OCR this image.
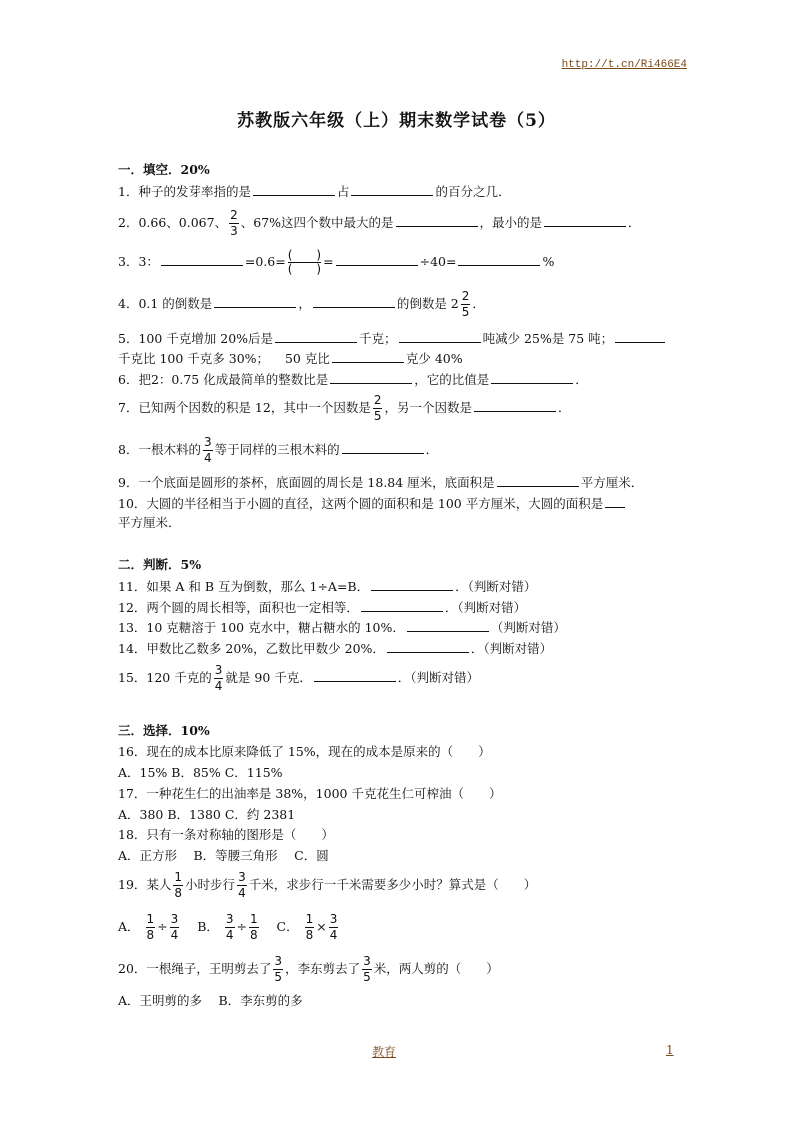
http://t.cn/Ri466E4
苏教版六年级（上）期末数学试卷（5）
一．填空．20%
1．种子的发芽率指的是	占	的百分之几．
2．0.66、0.067、 $\frac{2}{3}$ 、67%这四个数中最大的是	，最小的是	．
3．3：	=0.6= (　　)
(　　) =	÷40=	%
4．0.1 的倒数是	，	的倒数是 $2 \frac{2}{5}$ ．
5．100 千克增加 20%后是	千克；	吨减少 25%是 75 吨；
千克比 100 千克多 30%； 50 克比	克少 40%
6．把2：0.75 化成最简单的整数比是	，它的比值是	．
7．已知两个因数的积是 12，其中一个因数是 $\frac{2}{5}$ ，另一个因数是	．
8．一根木料的 $\frac{3}{4}$ 等于同样的三根木料的	．
9．一个底面是圆形的茶杯，底面圆的周长是 18.84 厘米，底面积是	平方厘米．
10．大圆的半径相当于小圆的直径，这两个圆的面积和是 100 平方厘米，大圆的面积是
平方厘米．
二．判断．5%
11．如果 A 和 B 互为倒数，那么 1÷A=B．	．（判断对错）
12．两个圆的周长相等，面积也一定相等．	．（判断对错）
13．10 克糖溶于 100 克水中，糖占糖水的 10%．	（判断对错）
14．甲数比乙数多 20%，乙数比甲数少 20%．	．（判断对错）
15．120 千克的 $\frac{3}{4}$ 就是 90 千克．	．（判断对错）
三．选择．10%
16．现在的成本比原来降低了 15%，现在的成本是原来的（　　）
A．15% B．85% C．115%
17．一种花生仁的出油率是 38%，1000 千克花生仁可榨油（　　）
A．380 B．1380 C．约 2381
18．只有一条对称轴的图形是（　　）
A．正方形　 B．等腰三角形　 C．圆
19．某人 $\frac{1}{8}$ 小时步行 $\frac{3}{4}$ 千米，求步行一千米需要多少小时？算式是（　　）
A． $\frac{1}{8} \div \frac{3}{4}$ B． $\frac{3}{4} \div \frac{1}{8}$ C． $\frac{1}{8} \times \frac{3}{4}$
20．一根绳子，王明剪去了 $\frac{3}{5}$ ，李东剪去了 $\frac{3}{5}$ 米，两人剪的（　　）
A．王明剪的多　 B．李东剪的多
教育	1
